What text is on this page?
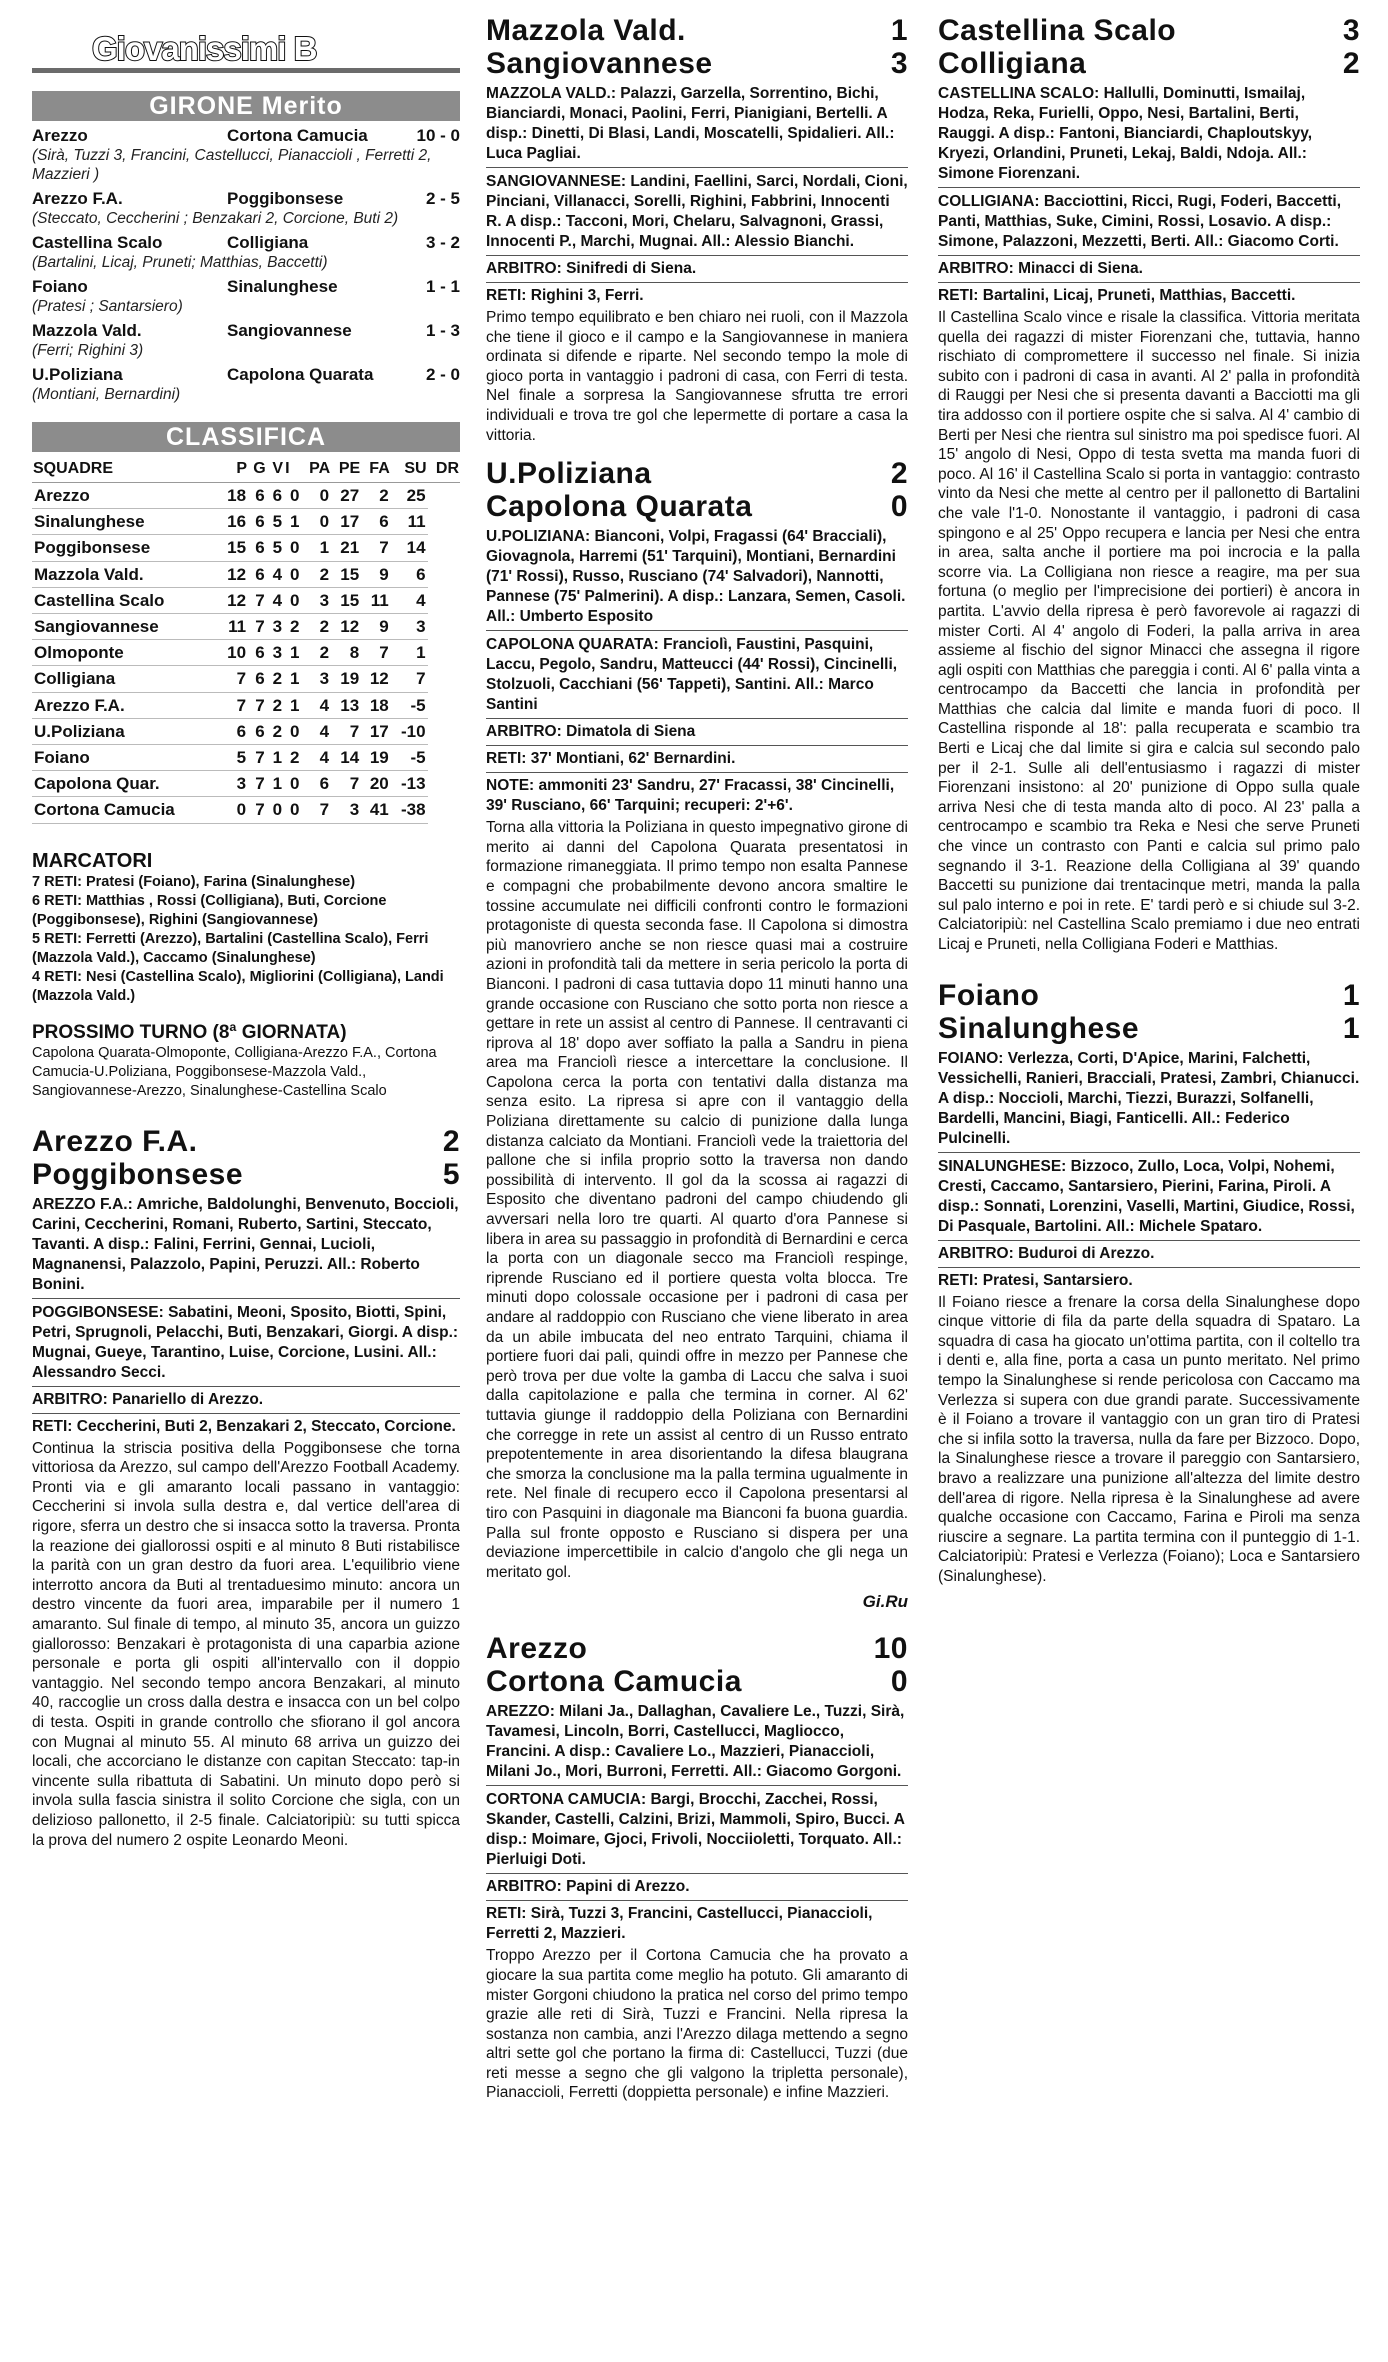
Giovanissimi B
GIRONE Merito
Arezzo	Cortona Camucia	10 - 0
(Sirà, Tuzzi 3, Francini, Castellucci, Pianaccioli , Ferretti 2, Mazzieri )
Arezzo F.A.	Poggibonsese	2 - 5
(Steccato, Ceccherini ; Benzakari 2, Corcione, Buti 2)
Castellina Scalo	Colligiana	3 - 2
(Bartalini, Licaj, Pruneti; Matthias, Baccetti)
Foiano	Sinalunghese	1 - 1
(Pratesi ; Santarsiero)
Mazzola Vald.	Sangiovannese	1 - 3
(Ferri; Righini 3)
U.Poliziana	Capolona Quarata	2 - 0
(Montiani, Bernardini)
CLASSIFICA
SQUADRE	P	G	V	I	PA	PE	FA	SU	DR
Arezzo	18	6	6	0	0	27	2	25	
Sinalunghese	16	6	5	1	0	17	6	11	
Poggibonsese	15	6	5	0	1	21	7	14	
Mazzola Vald.	12	6	4	0	2	15	9	6	
Castellina Scalo	12	7	4	0	3	15	11	4	
Sangiovannese	11	7	3	2	2	12	9	3	
Olmoponte	10	6	3	1	2	8	7	1	
Colligiana	7	6	2	1	3	19	12	7	
Arezzo F.A.	7	7	2	1	4	13	18	-5	
U.Poliziana	6	6	2	0	4	7	17	-10	
Foiano	5	7	1	2	4	14	19	-5	
Capolona Quar.	3	7	1	0	6	7	20	-13	
Cortona Camucia	0	7	0	0	7	3	41	-38	
MARCATORI
7 RETI: Pratesi (Foiano), Farina (Sinalunghese)
6 RETI: Matthias , Rossi (Colligiana), Buti, Corcione (Poggibonsese), Righini (Sangiovannese)
5 RETI: Ferretti (Arezzo), Bartalini (Castellina Scalo), Ferri (Mazzola Vald.), Caccamo (Sinalunghese)
4 RETI: Nesi (Castellina Scalo), Migliorini (Colligiana), Landi (Mazzola Vald.)
PROSSIMO TURNO (8ª GIORNATA)
Capolona Quarata-Olmoponte, Colligiana-Arezzo F.A., Cortona Camucia-U.Poliziana, Poggibonsese-Mazzola Vald., Sangiovannese-Arezzo, Sinalunghese-Castellina Scalo
Arezzo F.A.	2
Poggibonsese	5
AREZZO F.A.: Amriche, Baldolunghi, Benvenuto, Boccioli, Carini, Ceccherini, Romani, Ruberto, Sartini, Steccato, Tavanti. A disp.: Falini, Ferrini, Gennai, Lucioli, Magnanensi, Palazzolo, Papini, Peruzzi. All.: Roberto Bonini.
POGGIBONSESE: Sabatini, Meoni, Sposito, Biotti, Spini, Petri, Sprugnoli, Pelacchi, Buti, Benzakari, Giorgi. A disp.: Mugnai, Gueye, Tarantino, Luise, Corcione, Lusini. All.: Alessandro Secci.
ARBITRO: Panariello di Arezzo.
RETI: Ceccherini, Buti 2, Benzakari 2, Steccato, Corcione.
Continua la striscia positiva della Poggibonsese che torna vittoriosa da Arezzo, sul campo dell'Arezzo Football Academy. Pronti via e gli amaranto locali passano in vantaggio: Ceccherini si invola sulla destra e, dal vertice dell'area di rigore, sferra un destro che si insacca sotto la traversa. Pronta la reazione dei giallorossi ospiti e al minuto 8 Buti ristabilisce la parità con un gran destro da fuori area. L'equilibrio viene interrotto ancora da Buti al trentaduesimo minuto: ancora un destro vincente da fuori area, imparabile per il numero 1 amaranto. Sul finale di tempo, al minuto 35, ancora un guizzo giallorosso: Benzakari è protagonista di una caparbia azione personale e porta gli ospiti all'intervallo con il doppio vantaggio. Nel secondo tempo ancora Benzakari, al minuto 40, raccoglie un cross dalla destra e insacca con un bel colpo di testa. Ospiti in grande controllo che sfiorano il gol ancora con Mugnai al minuto 55. Al minuto 68 arriva un guizzo dei locali, che accorciano le distanze con capitan Steccato: tap-in vincente sulla ribattuta di Sabatini. Un minuto dopo però si invola sulla fascia sinistra il solito Corcione che sigla, con un delizioso pallonetto, il 2-5 finale. Calciatoripiù: su tutti spicca la prova del numero 2 ospite Leonardo Meoni.
Mazzola Vald.	1
Sangiovannese	3
MAZZOLA VALD.: Palazzi, Garzella, Sorrentino, Bichi, Bianciardi, Monaci, Paolini, Ferri, Pianigiani, Bertelli. A disp.: Dinetti, Di Blasi, Landi, Moscatelli, Spidalieri. All.: Luca Pagliai.
SANGIOVANNESE: Landini, Faellini, Sarci, Nordali, Cioni, Pinciani, Villanacci, Sorelli, Righini, Fabbrini, Innocenti R. A disp.: Tacconi, Mori, Chelaru, Salvagnoni, Grassi, Innocenti P., Marchi, Mugnai. All.: Alessio Bianchi.
ARBITRO: Sinifredi di Siena.
RETI: Righini 3, Ferri.
Primo tempo equilibrato e ben chiaro nei ruoli, con il Mazzola che tiene il gioco e il campo e la Sangiovannese in maniera ordinata si difende e riparte. Nel secondo tempo la mole di gioco porta in vantaggio i padroni di casa, con Ferri di testa. Nel finale a sorpresa la Sangiovannese sfrutta tre errori individuali e trova tre gol che lepermette di portare a casa la vittoria.
U.Poliziana	2
Capolona Quarata	0
U.POLIZIANA: Bianconi, Volpi, Fragassi (64' Bracciali), Giovagnola, Harremi (51' Tarquini), Montiani, Bernardini (71' Rossi), Russo, Rusciano (74' Salvadori), Nannotti, Pannese (75' Palmerini). A disp.: Lanzara, Semen, Casoli. All.: Umberto Esposito
CAPOLONA QUARATA: Franciolì, Faustini, Pasquini, Laccu, Pegolo, Sandru, Matteucci (44' Rossi), Cincinelli, Stolzuoli, Cacchiani (56' Tappeti), Santini. All.: Marco Santini
ARBITRO: Dimatola di Siena
RETI: 37' Montiani, 62' Bernardini.
NOTE: ammoniti 23' Sandru, 27' Fracassi, 38' Cincinelli, 39' Rusciano, 66' Tarquini; recuperi: 2'+6'.
Torna alla vittoria la Poliziana in questo impegnativo girone di merito ai danni del Capolona Quarata presentatosi in formazione rimaneggiata. Il primo tempo non esalta Pannese e compagni che probabilmente devono ancora smaltire le tossine accumulate nei difficili confronti contro le formazioni protagoniste di questa seconda fase. Il Capolona si dimostra più manovriero anche se non riesce quasi mai a costruire azioni in profondità tali da mettere in seria pericolo la porta di Bianconi. I padroni di casa tuttavia dopo 11 minuti hanno una grande occasione con Rusciano che sotto porta non riesce a gettare in rete un assist al centro di Pannese. Il centravanti ci riprova al 18' dopo aver soffiato la palla a Sandru in piena area ma Franciolì riesce a intercettare la conclusione. Il Capolona cerca la porta con tentativi dalla distanza ma senza esito. La ripresa si apre con il vantaggio della Poliziana direttamente su calcio di punizione dalla lunga distanza calciato da Montiani. Franciolì vede la traiettoria del pallone che si infila proprio sotto la traversa non dando possibilità di intervento. Il gol da la scossa ai ragazzi di Esposito che diventano padroni del campo chiudendo gli avversari nella loro tre quarti. Al quarto d'ora Pannese si libera in area su passaggio in profondità di Bernardini e cerca la porta con un diagonale secco ma Franciolì respinge, riprende Rusciano ed il portiere questa volta blocca. Tre minuti dopo colossale occasione per i padroni di casa per andare al raddoppio con Rusciano che viene liberato in area da un abile imbucata del neo entrato Tarquini, chiama il portiere fuori dai pali, quindi offre in mezzo per Pannese che però trova per due volte la gamba di Laccu che salva i suoi dalla capitolazione e palla che termina in corner. Al 62' tuttavia giunge il raddoppio della Poliziana con Bernardini che corregge in rete un assist al centro di un Russo entrato prepotentemente in area disorientando la difesa blaugrana che smorza la conclusione ma la palla termina ugualmente in rete. Nel finale di recupero ecco il Capolona presentarsi al tiro con Pasquini in diagonale ma Bianconi fa buona guardia. Palla sul fronte opposto e Rusciano si dispera per una deviazione impercettibile in calcio d'angolo che gli nega un meritato gol.
Gi.Ru
Arezzo	10
Cortona Camucia	0
AREZZO: Milani Ja., Dallaghan, Cavaliere Le., Tuzzi, Sirà, Tavamesi, Lincoln, Borri, Castellucci, Maglioccо, Francini. A disp.: Cavaliere Lo., Mazzieri, Pianaccioli, Milani Jo., Mori, Burroni, Ferretti. All.: Giacomo Gorgoni.
CORTONA CAMUCIA: Bargi, Brocchi, Zacchei, Rossi, Skander, Castelli, Calzini, Brizi, Mammoli, Spiro, Bucci. A disp.: Moimare, Gjoci, Frivoli, Nocciioletti, Torquato. All.: Pierluigi Doti.
ARBITRO: Papini di Arezzo.
RETI: Sirà, Tuzzi 3, Francini, Castellucci, Pianaccioli, Ferretti 2, Mazzieri.
Troppo Arezzo per il Cortona Camucia che ha provato a giocare la sua partita come meglio ha potuto. Gli amaranto di mister Gorgoni chiudono la pratica nel corso del primo tempo grazie alle reti di Sirà, Tuzzi e Francini. Nella ripresa la sostanza non cambia, anzi l'Arezzo dilaga mettendo a segno altri sette gol che portano la firma di: Castellucci, Tuzzi (due reti messe a segno che gli valgono la tripletta personale), Pianaccioli, Ferretti (doppietta personale) e infine Mazzieri.
Castellina Scalo	3
Colligiana	2
CASTELLINA SCALO: Hallulli, Dominutti, Ismailaj, Hodza, Reka, Furielli, Oppo, Nesi, Bartalini, Berti, Rauggi. A disp.: Fantoni, Bianciardi, Chaploutskyy, Kryezi, Orlandini, Pruneti, Lekaj, Baldi, Ndoja. All.: Simone Fiorenzani.
COLLIGIANA: Bacciottini, Ricci, Rugi, Foderi, Baccetti, Panti, Matthias, Suke, Cimini, Rossi, Losavio. A disp.: Simone, Palazzoni, Mezzetti, Berti. All.: Giacomo Corti.
ARBITRO: Minacci di Siena.
RETI: Bartalini, Licaj, Pruneti, Matthias, Baccetti.
Il Castellina Scalo vince e risale la classifica. Vittoria meritata quella dei ragazzi di mister Fiorenzani che, tuttavia, hanno rischiato di compromettere il successo nel finale. Si inizia subito con i padroni di casa in avanti. Al 2' palla in profondità di Rauggi per Nesi che si presenta davanti a Bacciotti ma gli tira addosso con il portiere ospite che si salva. Al 4' cambio di Berti per Nesi che rientra sul sinistro ma poi spedisce fuori. Al 15' angolo di Nesi, Oppo di testa svetta ma manda fuori di poco. Al 16' il Castellina Scalo si porta in vantaggio: contrasto vinto da Nesi che mette al centro per il pallonetto di Bartalini che vale l'1-0. Nonostante il vantaggio, i padroni di casa spingono e al 25' Oppo recupera e lancia per Nesi che entra in area, salta anche il portiere ma poi incrocia e la palla scorre via. La Colligiana non riesce a reagire, ma per sua fortuna (o meglio per l'imprecisione dei portieri) è ancora in partita. L'avvio della ripresa è però favorevole ai ragazzi di mister Corti. Al 4' angolo di Foderi, la palla arriva in area assieme al fischio del signor Minacci che assegna il rigore agli ospiti con Matthias che pareggia i conti. Al 6' palla vinta a centrocampo da Baccetti che lancia in profondità per Matthias che calcia dal limite e manda fuori di poco. Il Castellina risponde al 18': palla recuperata e scambio tra Berti e Licaj che dal limite si gira e calcia sul secondo palo per il 2-1. Sulle ali dell'entusiasmo i ragazzi di mister Fiorenzani insistono: al 20' punizione di Oppo sulla quale arriva Nesi che di testa manda alto di poco. Al 23' palla a centrocampo e scambio tra Reka e Nesi che serve Pruneti che vince un contrasto con Panti e calcia sul primo palo segnando il 3-1. Reazione della Colligiana al 39' quando Baccetti su punizione dai trentacinque metri, manda la palla sul palo interno e poi in rete. E' tardi però e si chiude sul 3-2. Calciatoripiù: nel Castellina Scalo premiamo i due neo entrati Licaj e Pruneti, nella Colligiana Foderi e Matthias.
Foiano	1
Sinalunghese	1
FOIANO: Verlezza, Corti, D'Apice, Marini, Falchetti, Vessichelli, Ranieri, Bracciali, Pratesi, Zambri, Chianucci. A disp.: Noccioli, Marchi, Tiezzi, Burazzi, Solfanelli, Bardelli, Mancini, Biagi, Fanticelli. All.: Federico Pulcinelli.
SINALUNGHESE: Bizzoco, Zullo, Loca, Volpi, Nohemi, Cresti, Caccamo, Santarsiero, Pierini, Farina, Piroli. A disp.: Sonnati, Lorenzini, Vaselli, Martini, Giudice, Rossi, Di Pasquale, Bartolini. All.: Michele Spataro.
ARBITRO: Buduroi di Arezzo.
RETI: Pratesi, Santarsiero.
Il Foiano riesce a frenare la corsa della Sinalunghese dopo cinque vittorie di fila da parte della squadra di Spataro. La squadra di casa ha giocato un'ottima partita, con il coltello tra i denti e, alla fine, porta a casa un punto meritato. Nel primo tempo la Sinalunghese si rende pericolosa con Caccamo ma Verlezza si supera con due grandi parate. Successivamente è il Foiano a trovare il vantaggio con un gran tiro di Pratesi che si infila sotto la traversa, nulla da fare per Bizzoco. Dopo, la Sinalunghese riesce a trovare il pareggio con Santarsiero, bravo a realizzare una punizione all'altezza del limite destro dell'area di rigore. Nella ripresa è la Sinalunghese ad avere qualche occasione con Caccamo, Farina e Piroli ma senza riuscire a segnare. La partita termina con il punteggio di 1-1. Calciatoripiù: Pratesi e Verlezza (Foiano); Loca e Santarsiero (Sinalunghese).
